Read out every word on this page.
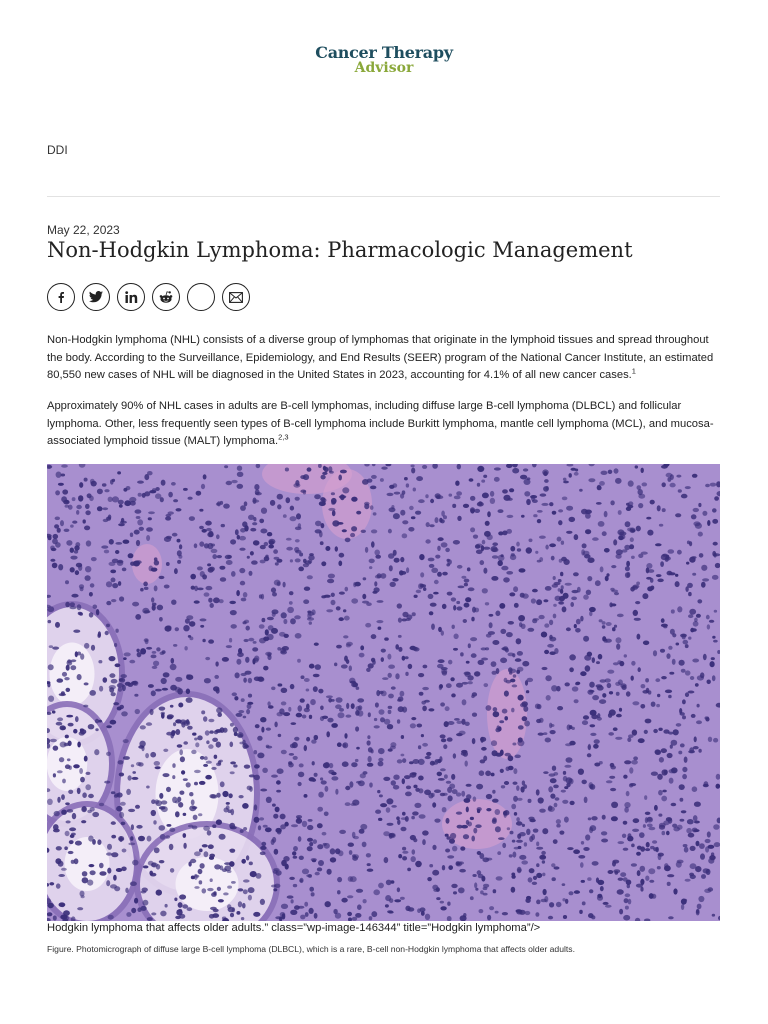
Cancer Therapy
Advisor
DDI
May 22, 2023
Non-Hodgkin Lymphoma: Pharmacologic Management

Non-Hodgkin lymphoma (NHL) consists of a diverse group of lymphomas that originate in the lymphoid tissues and spread throughout the body. According to the Surveillance, Epidemiology, and End Results (SEER) program of the National Cancer Institute, an estimated 80,550 new cases of NHL will be diagnosed in the United States in 2023, accounting for 4.1% of all new cancer cases.$^1$

Approximately 90% of NHL cases in adults are B-cell lymphomas, including diffuse large B-cell lymphoma (DLBCL) and follicular lymphoma. Other, less frequently seen types of B-cell lymphoma include Burkitt lymphoma, mantle cell lymphoma (MCL), and mucosa-associated lymphoid tissue (MALT) lymphoma.$^{2,3}$

Hodgkin lymphoma that affects older adults.” class=”wp-image-146344” title=”Hodgkin lymphoma”/>
Figure. Photomicrograph of diffuse large B-cell lymphoma (DLBCL), which is a rare, B-cell non-Hodgkin lymphoma that affects older adults.
